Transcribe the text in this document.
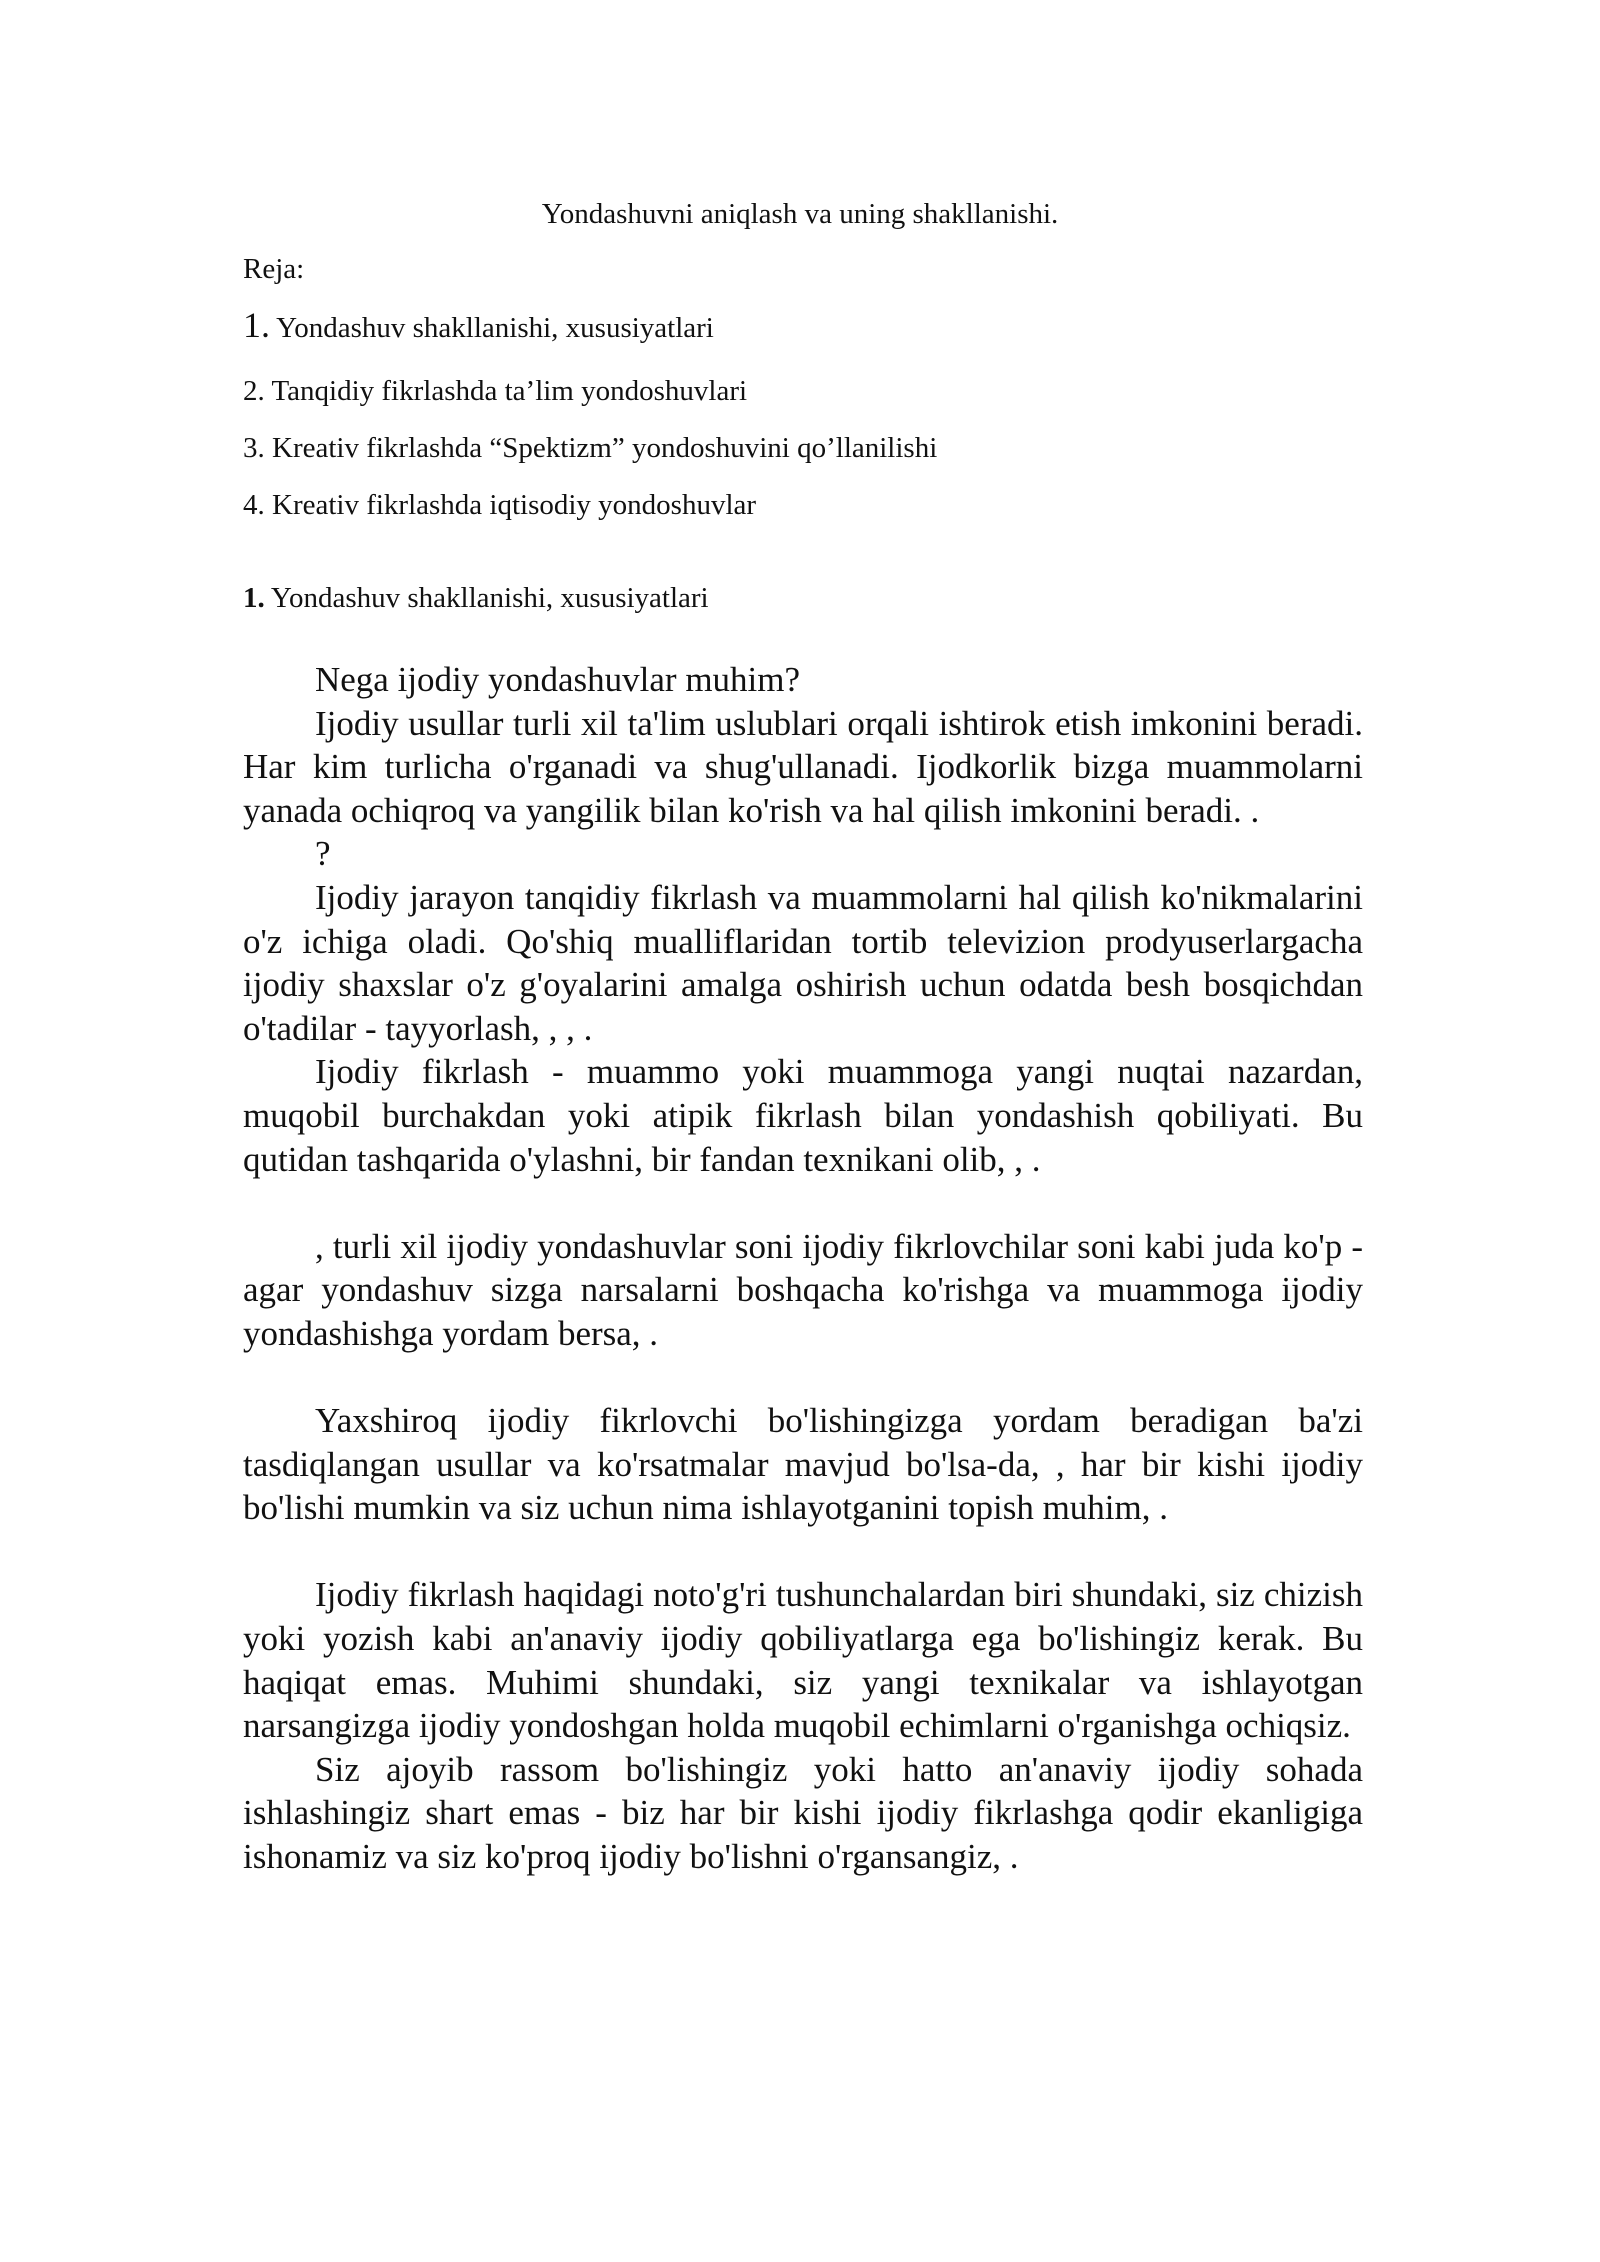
Yondashuvni aniqlash va uning shakllanishi.
Reja:
1. Yondashuv shakllanishi, xususiyatlari
2. Tanqidiy fikrlashda ta’lim yondoshuvlari
3. Kreativ fikrlashda “Spektizm” yondoshuvini qo’llanilishi
4. Kreativ fikrlashda iqtisodiy yondoshuvlar
1. Yondashuv shakllanishi, xususiyatlari

Nega ijodiy yondashuvlar muhim?

Ijodiy usullar turli xil ta'lim uslublari orqali ishtirok etish imkonini beradi. Har kim turlicha o'rganadi va shug'ullanadi. Ijodkorlik bizga muammolarni yanada ochiqroq va yangilik bilan ko'rish va hal qilish imkonini beradi. .

?

Ijodiy jarayon tanqidiy fikrlash va muammolarni hal qilish ko'nikmalarini o'z ichiga oladi. Qo'shiq mualliflaridan tortib televizion prodyuserlargacha ijodiy shaxslar o'z g'oyalarini amalga oshirish uchun odatda besh bosqichdan o'tadilar - tayyorlash, , , .

Ijodiy fikrlash - muammo yoki muammoga yangi nuqtai nazardan, muqobil burchakdan yoki atipik fikrlash bilan yondashish qobiliyati. Bu qutidan tashqarida o'ylashni, bir fandan texnikani olib, , .

, turli xil ijodiy yondashuvlar soni ijodiy fikrlovchilar soni kabi juda ko'p - agar yondashuv sizga narsalarni boshqacha ko'rishga va muammoga ijodiy yondashishga yordam bersa, .

Yaxshiroq ijodiy fikrlovchi bo'lishingizga yordam beradigan ba'zi tasdiqlangan usullar va ko'rsatmalar mavjud bo'lsa-da, , har bir kishi ijodiy bo'lishi mumkin va siz uchun nima ishlayotganini topish muhim, .

Ijodiy fikrlash haqidagi noto'g'ri tushunchalardan biri shundaki, siz chizish yoki yozish kabi an'anaviy ijodiy qobiliyatlarga ega bo'lishingiz kerak. Bu haqiqat emas. Muhimi shundaki, siz yangi texnikalar va ishlayotgan narsangizga ijodiy yondoshgan holda muqobil echimlarni o'rganishga ochiqsiz.

Siz ajoyib rassom bo'lishingiz yoki hatto an'anaviy ijodiy sohada ishlashingiz shart emas - biz har bir kishi ijodiy fikrlashga qodir ekanligiga ishonamiz va siz ko'proq ijodiy bo'lishni o'rgansangiz, .
